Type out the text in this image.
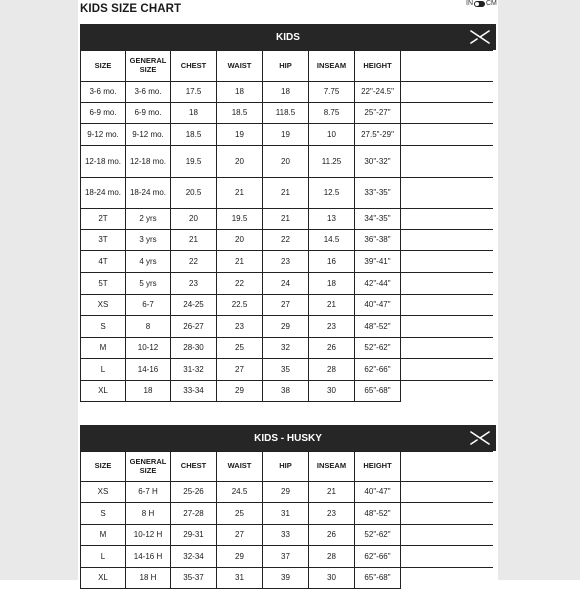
KIDS SIZE CHART	IN CM
KIDS
SIZE	GENERAL SIZE	CHEST	WAIST	HIP	INSEAM	HEIGHT	
3-6 mo.	3-6 mo.	17.5	18	18	7.75	22"-24.5"	
6-9 mo.	6-9 mo.	18	18.5	118.5	8.75	25"-27"	
9-12 mo.	9-12 mo.	18.5	19	19	10	27.5"-29"	
12-18 mo.	12-18 mo.	19.5	20	20	11.25	30"-32"	
18-24 mo.	18-24 mo.	20.5	21	21	12.5	33"-35"	
2T	2 yrs	20	19.5	21	13	34"-35"	
3T	3 yrs	21	20	22	14.5	36"-38"	
4T	4 yrs	22	21	23	16	39"-41"	
5T	5 yrs	23	22	24	18	42"-44"	
XS	6-7	24-25	22.5	27	21	40"-47"	
S	8	26-27	23	29	23	48"-52"	
M	10-12	28-30	25	32	26	52"-62"	
L	14-16	31-32	27	35	28	62"-66"	
XL	18	33-34	29	38	30	65"-68"	
KIDS - HUSKY
SIZE	GENERAL SIZE	CHEST	WAIST	HIP	INSEAM	HEIGHT	
XS	6-7 H	25-26	24.5	29	21	40"-47"	
S	8 H	27-28	25	31	23	48"-52"	
M	10-12 H	29-31	27	33	26	52"-62"	
L	14-16 H	32-34	29	37	28	62"-66"	
XL	18 H	35-37	31	39	30	65"-68"	
